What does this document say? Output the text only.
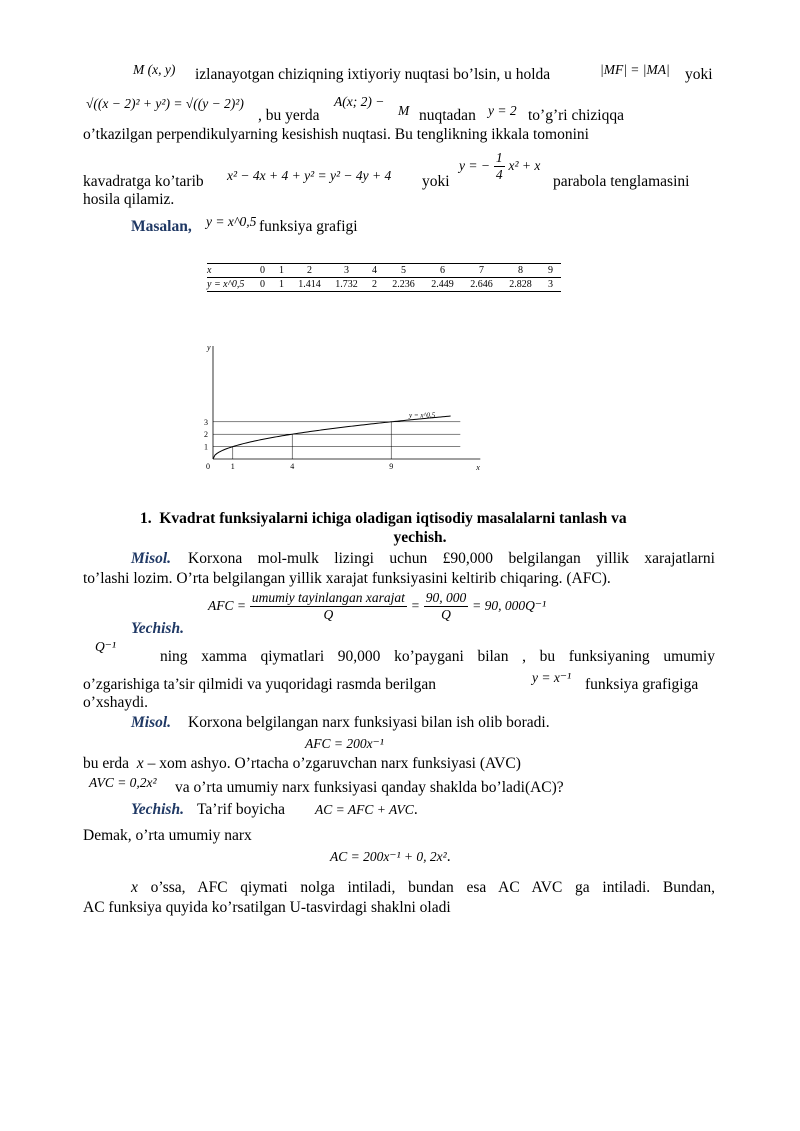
M (x, y) izlanayotgan chiziqning ixtiyoriy nuqtasi bo’lsin, u holda	|MF| = |MA| yoki
√((x − 2)² + y²) = √((y − 2)²)
, bu yerda
A(x; 2) −
M nuqtadan y = 2 to’g’ri chiziqqa
o’tkazilgan perpendikulyarning kesishish nuqtasi. Bu tenglikning ikkala tomonini
kavadratga ko’tarib x² − 4x + 4 + y² = y² − 4y + 4 yoki
y = − $\frac{1}{4} x^2 + x$
parabola tenglamasini
hosila qilamiz.
Masalan, y = x^0,5 funksiya grafigi
x	0	1	2	3	4	5	6	7	8	9
y = x^0,5	0	1	1.414	1.732	2	2.236	2.449	2.646	2.828	3
x
y
0	1	4	9
1
2
3
y = x^0,5
1. Kvadrat funksiyalarni ichiga oladigan iqtisodiy masalalarni tanlash va
yechish.
Misol. Korxona mol-mulk lizingi uchun £90,000 belgilangan yillik xarajatlarni
to’lashi lozim. O’rta belgilangan yillik xarajat funksiyasini keltirib chiqaring. (AFC).
AFC = $\frac{\text{umumiy tayinlangan xarajat}}{Q} = \frac{90, 000}{Q} = 90$, 000Q⁻¹
Yechish.
Q⁻¹
ning xamma qiymatlari 90,000 ko’paygani bilan , bu funksiyaning umumiy
o’zgarishiga ta’sir qilmidi va yuqoridagi rasmda berilgan	y = x⁻¹ funksiya grafigiga
o’xshaydi.
Misol. Korxona belgilangan narx funksiyasi bilan ish olib boradi.
AFC = 200x⁻¹
bu erda x – xom ashyo. O’rtacha o’zgaruvchan narx funksiyasi (AVC)
AVC = 0,2x² va o’rta umumiy narx funksiyasi qanday shaklda bo’ladi(AC)?
Yechish. Ta’rif boyicha AC = AFC + AVC.
Demak, o’rta umumiy narx
AC = 200x⁻¹ + 0, 2x².
x o’ssa, AFC qiymati nolga intiladi, bundan esa AC AVC ga intiladi. Bundan,
AC funksiya quyida ko’rsatilgan U-tasvirdagi shaklni oladi
